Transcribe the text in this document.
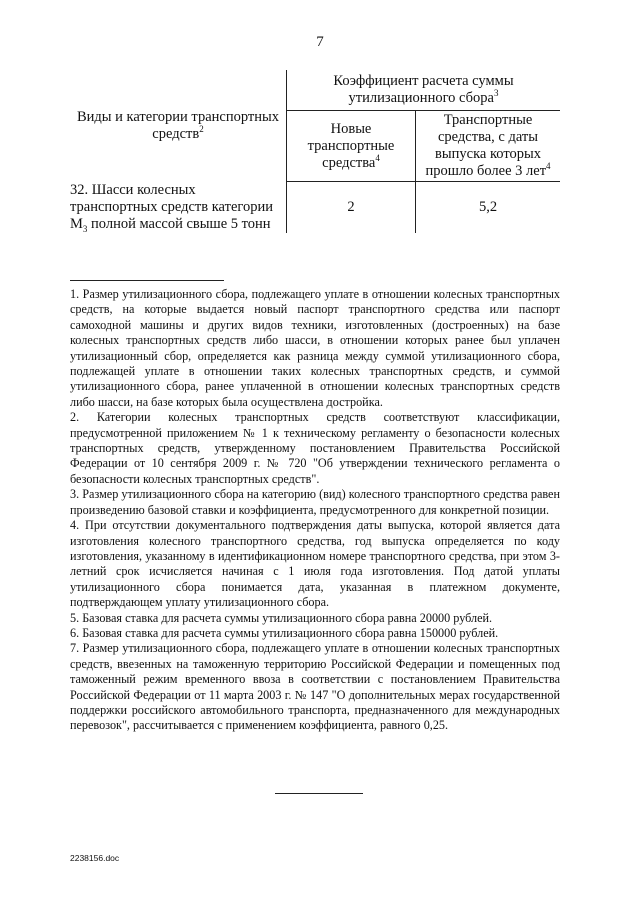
7
Виды и категории транспортных средств$^2$	Коэффициент расчета суммы утилизационного сбора$^3$
	Новые транспортные средства$^4$	Транспортные средства, с даты выпуска которых прошло более 3 лет$^4$
32. Шасси колесных транспортных средств категории $М_3$ полной массой свыше 5 тонн	2	5,2

1. Размер утилизационного сбора, подлежащего уплате в отношении колесных транспортных средств, на которые выдается новый паспорт транспортного средства или паспорт самоходной машины и других видов техники, изготовленных (достроенных) на базе колесных транспортных средств либо шасси, в отношении которых ранее был уплачен утилизационный сбор, определяется как разница между суммой утилизационного сбора, подлежащей уплате в отношении таких колесных транспортных средств, и суммой утилизационного сбора, ранее уплаченной в отношении колесных транспортных средств либо шасси, на базе которых была осуществлена достройка.

2. Категории колесных транспортных средств соответствуют классификации, предусмотренной приложением № 1 к техническому регламенту о безопасности колесных транспортных средств, утвержденному постановлением Правительства Российской Федерации от 10 сентября 2009 г. № 720 "Об утверждении технического регламента о безопасности колесных транспортных средств".

3. Размер утилизационного сбора на категорию (вид) колесного транспортного средства равен произведению базовой ставки и коэффициента, предусмотренного для конкретной позиции.

4. При отсутствии документального подтверждения даты выпуска, которой является дата изготовления колесного транспортного средства, год выпуска определяется по коду изготовления, указанному в идентификационном номере транспортного средства, при этом 3-летний срок исчисляется начиная с 1 июля года изготовления. Под датой уплаты утилизационного сбора понимается дата, указанная в платежном документе, подтверждающем уплату утилизационного сбора.

5. Базовая ставка для расчета суммы утилизационного сбора равна 20000 рублей.

6. Базовая ставка для расчета суммы утилизационного сбора равна 150000 рублей.

7. Размер утилизационного сбора, подлежащего уплате в отношении колесных транспортных средств, ввезенных на таможенную территорию Российской Федерации и помещенных под таможенный режим временного ввоза в соответствии с постановлением Правительства Российской Федерации от 11 марта 2003 г. № 147 "О дополнительных мерах государственной поддержки российского автомобильного транспорта, предназначенного для международных перевозок", рассчитывается с применением коэффициента, равного 0,25.

2238156.doc
